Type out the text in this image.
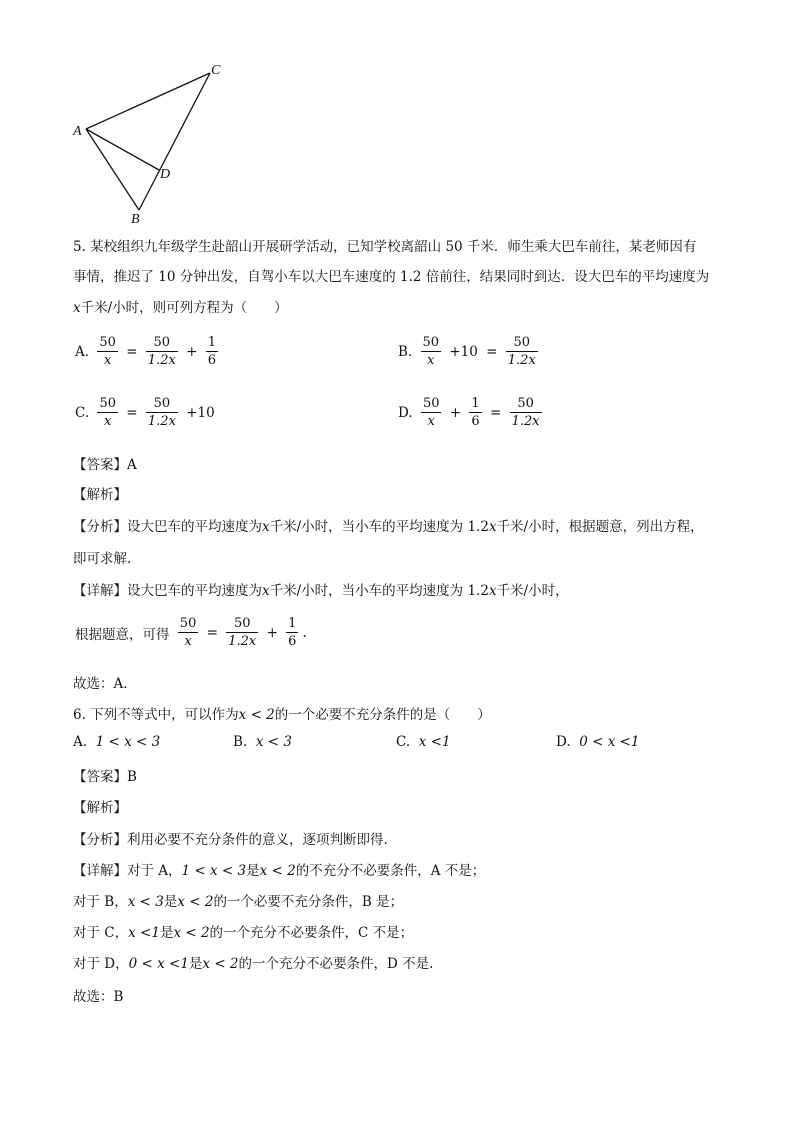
C
A
D
B
5. 某校组织九年级学生赴韶山开展研学活动，已知学校离韶山 50 千米．师生乘大巴车前往，某老师因有
事情，推迟了 10 分钟出发，自驾小车以大巴车速度的 1.2 倍前往，结果同时到达．设大巴车的平均速度为
x千米/小时，则可列方程为（　　）
A. $\frac{50}{x} = \frac{50}{1.2x} + \frac{1}{6}$	B. $\frac{50}{x} +10 = \frac{50}{1.2x}$
C. $\frac{50}{x} = \frac{50}{1.2x} +10$	D. $\frac{50}{x} + \frac{1}{6} = \frac{50}{1.2x}$
【答案】A
【解析】
【分析】设大巴车的平均速度为x千米/小时，当小车的平均速度为 1.2x千米/小时，根据题意，列出方程，
即可求解.
【详解】设大巴车的平均速度为x千米/小时，当小车的平均速度为 1.2x千米/小时，
根据题意，可得 $\frac{50}{x} = \frac{50}{1.2x} + \frac{1}{6}$ .
故选：A.
6. 下列不等式中，可以作为x < 2的一个必要不充分条件的是（　　）
A. 1 < x < 3	B. x < 3	C. x <1	D. 0 < x <1
【答案】B
【解析】
【分析】利用必要不充分条件的意义，逐项判断即得.
【详解】对于 A，1 < x < 3是x < 2的不充分不必要条件，A 不是；
对于 B，x < 3是x < 2的一个必要不充分条件，B 是；
对于 C，x <1是x < 2的一个充分不必要条件，C 不是；
对于 D，0 < x <1是x < 2的一个充分不必要条件，D 不是.
故选：B
